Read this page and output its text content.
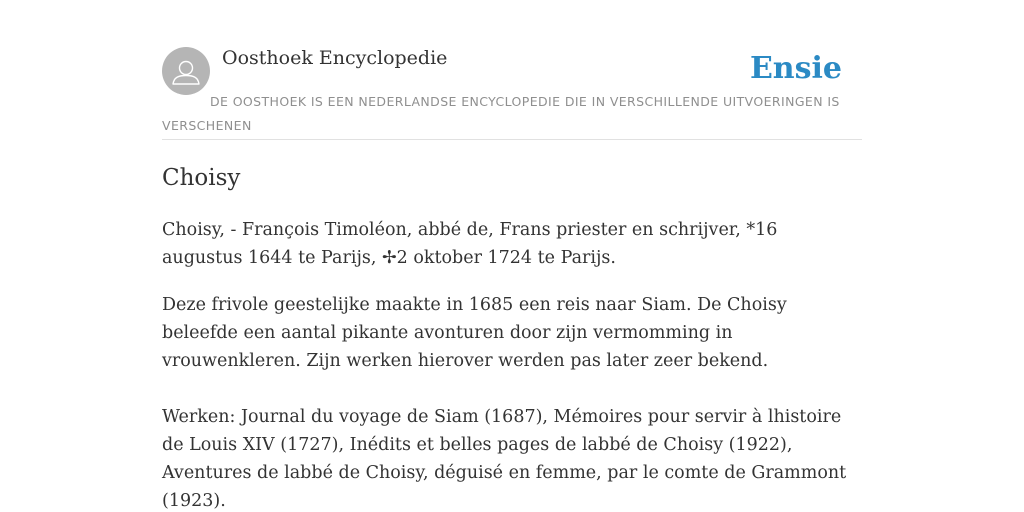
Oosthoek Encyclopedie	Ensie

DE OOSTHOEK IS EEN NEDERLANDSE ENCYCLOPEDIE DIE IN VERSCHILLENDE UITVOERINGEN IS VERSCHENEN

Choisy

Choisy, - François Timoléon, abbé de, Frans priester en schrijver, *16 augustus 1644 te Parijs, ✢2 oktober 1724 te Parijs.

Deze frivole geestelijke maakte in 1685 een reis naar Siam. De Choisy beleefde een aantal pikante avonturen door zijn vermomming in vrouwenkleren. Zijn werken hierover werden pas later zeer bekend.

Werken: Journal du voyage de Siam (1687), Mémoires pour servir à lhistoire de Louis XIV (1727), Inédits et belles pages de labbé de Choisy (1922), Aventures de labbé de Choisy, déguisé en femme, par le comte de Grammont (1923).
